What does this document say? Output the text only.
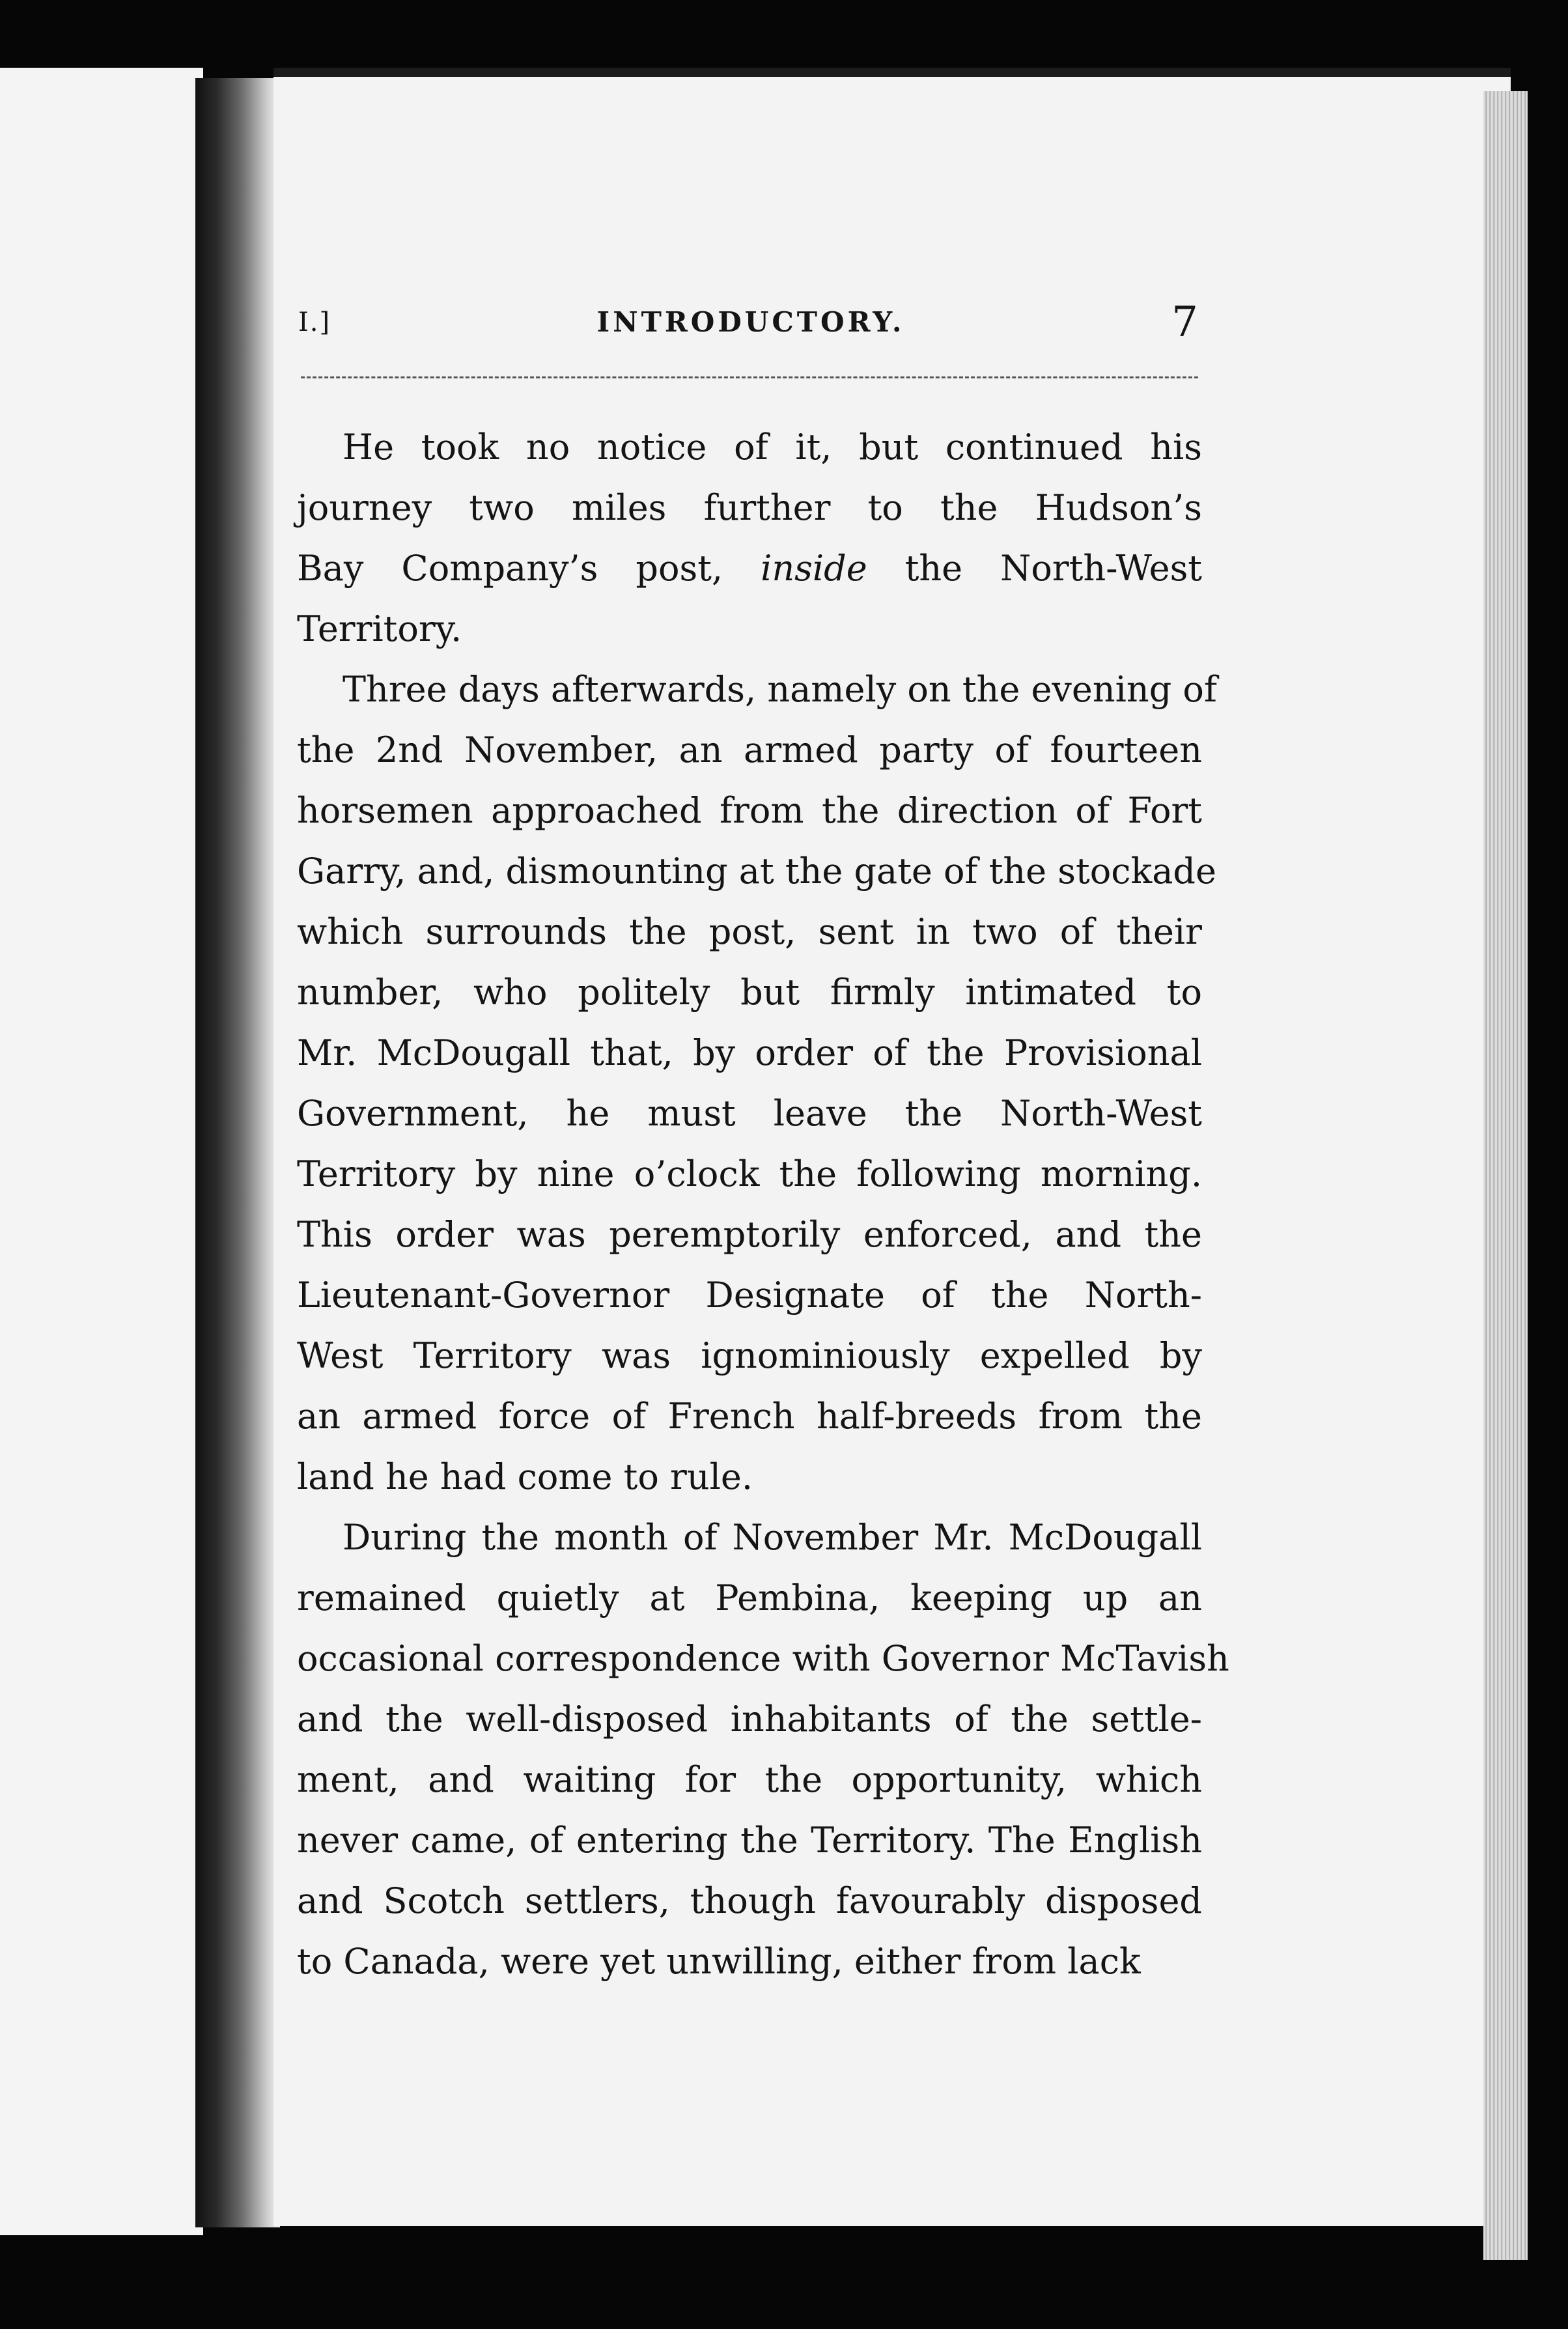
I.]	INTRODUCTORY.	7

He took no notice of it, but continued his
journey two miles further to the Hudson’s
Bay Company’s post, inside the North-West
Territory.

Three days afterwards, namely on the evening of
the 2nd November, an armed party of fourteen
horsemen approached from the direction of Fort
Garry, and, dismounting at the gate of the stockade
which surrounds the post, sent in two of their
number, who politely but firmly intimated to
Mr. McDougall that, by order of the Provisional
Government, he must leave the North-West
Territory by nine o’clock the following morning.
This order was peremptorily enforced, and the
Lieutenant-Governor Designate of the North-
West Territory was ignominiously expelled by
an armed force of French half-breeds from the
land he had come to rule.

During the month of November Mr. McDougall
remained quietly at Pembina, keeping up an
occasional correspondence with Governor McTavish
and the well-disposed inhabitants of the settle-
ment, and waiting for the opportunity, which
never came, of entering the Territory. The English
and Scotch settlers, though favourably disposed
to Canada, were yet unwilling, either from lack
